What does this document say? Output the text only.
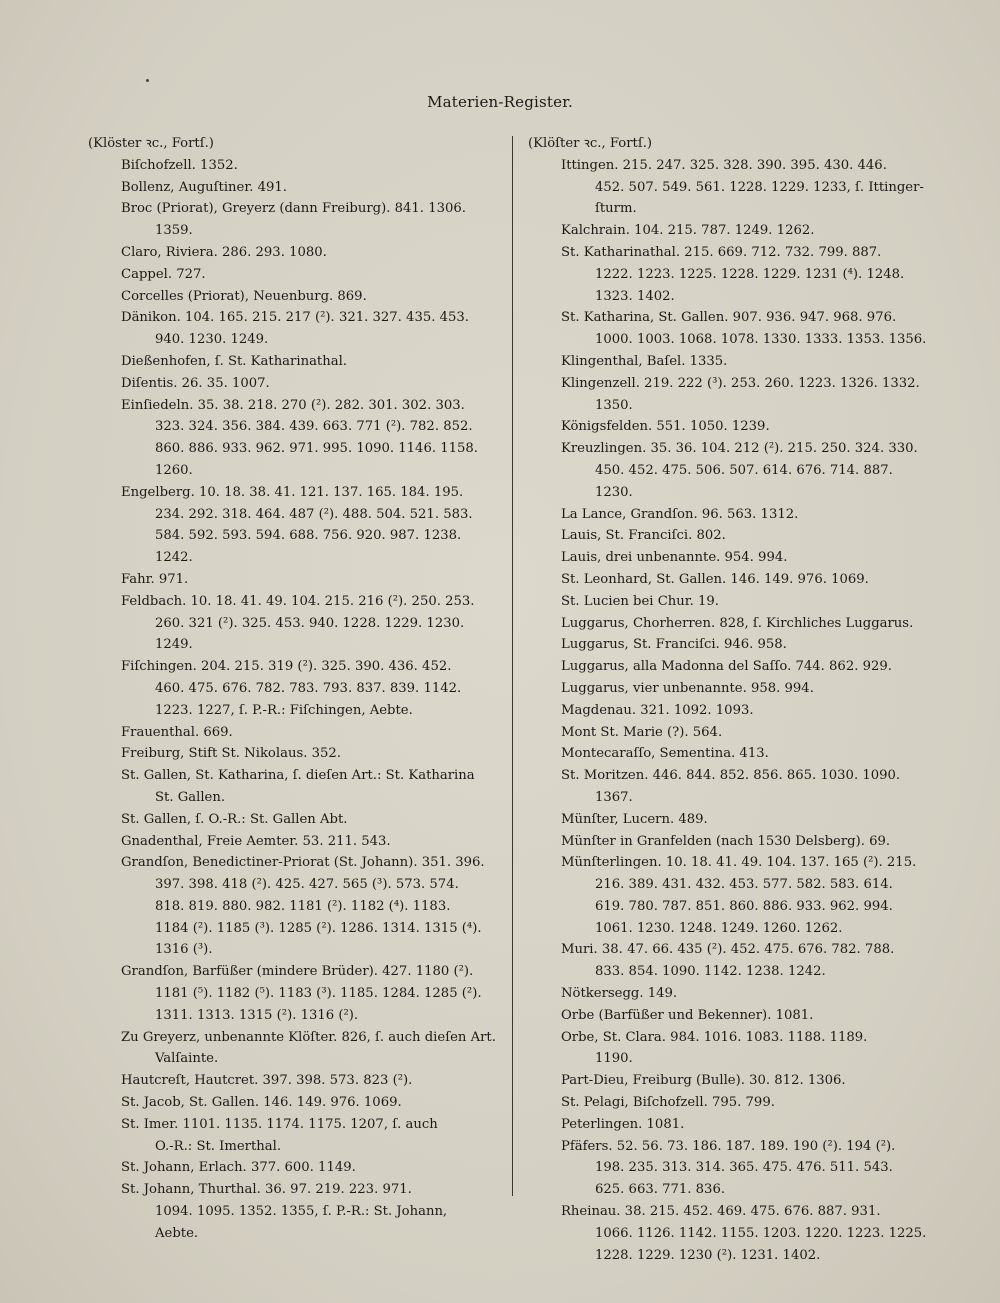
Materien-Register.
(Klöster ꝛc., Fortſ.)
Biſchofzell. 1352.
Bollenz, Auguſtiner. 491.
Broc (Priorat), Greyerz (dann Freiburg). 841. 1306.
1359.
Claro, Riviera. 286. 293. 1080.
Cappel. 727.
Corcelles (Priorat), Neuenburg. 869.
Dänikon. 104. 165. 215. 217 (²). 321. 327. 435. 453.
940. 1230. 1249.
Dießenhofen, ſ. St. Katharinathal.
Diſentis. 26. 35. 1007.
Einſiedeln. 35. 38. 218. 270 (²). 282. 301. 302. 303.
323. 324. 356. 384. 439. 663. 771 (²). 782. 852.
860. 886. 933. 962. 971. 995. 1090. 1146. 1158.
1260.
Engelberg. 10. 18. 38. 41. 121. 137. 165. 184. 195.
234. 292. 318. 464. 487 (²). 488. 504. 521. 583.
584. 592. 593. 594. 688. 756. 920. 987. 1238.
1242.
Fahr. 971.
Feldbach. 10. 18. 41. 49. 104. 215. 216 (²). 250. 253.
260. 321 (²). 325. 453. 940. 1228. 1229. 1230.
1249.
Fiſchingen. 204. 215. 319 (²). 325. 390. 436. 452.
460. 475. 676. 782. 783. 793. 837. 839. 1142.
1223. 1227, ſ. P.-R.: Fiſchingen, Aebte.
Frauenthal. 669.
Freiburg, Stift St. Nikolaus. 352.
St. Gallen, St. Katharina, ſ. dieſen Art.: St. Katharina
St. Gallen.
St. Gallen, ſ. O.-R.: St. Gallen Abt.
Gnadenthal, Freie Aemter. 53. 211. 543.
Grandſon, Benedictiner-Priorat (St. Johann). 351. 396.
397. 398. 418 (²). 425. 427. 565 (³). 573. 574.
818. 819. 880. 982. 1181 (²). 1182 (⁴). 1183.
1184 (²). 1185 (³). 1285 (²). 1286. 1314. 1315 (⁴).
1316 (³).
Grandſon, Barfüßer (mindere Brüder). 427. 1180 (²).
1181 (⁵). 1182 (⁵). 1183 (³). 1185. 1284. 1285 (²).
1311. 1313. 1315 (²). 1316 (²).
Zu Greyerz, unbenannte Klöſter. 826, ſ. auch dieſen Art.
Valſainte.
Hautcreſt, Hautcret. 397. 398. 573. 823 (²).
St. Jacob, St. Gallen. 146. 149. 976. 1069.
St. Imer. 1101. 1135. 1174. 1175. 1207, ſ. auch
O.-R.: St. Imerthal.
St. Johann, Erlach. 377. 600. 1149.
St. Johann, Thurthal. 36. 97. 219. 223. 971.
1094. 1095. 1352. 1355, ſ. P.-R.: St. Johann,
Aebte.
(Klöſter ꝛc., Fortſ.)
Ittingen. 215. 247. 325. 328. 390. 395. 430. 446.
452. 507. 549. 561. 1228. 1229. 1233, ſ. Ittinger-
ſturm.
Kalchrain. 104. 215. 787. 1249. 1262.
St. Katharinathal. 215. 669. 712. 732. 799. 887.
1222. 1223. 1225. 1228. 1229. 1231 (⁴). 1248.
1323. 1402.
St. Katharina, St. Gallen. 907. 936. 947. 968. 976.
1000. 1003. 1068. 1078. 1330. 1333. 1353. 1356.
Klingenthal, Baſel. 1335.
Klingenzell. 219. 222 (³). 253. 260. 1223. 1326. 1332.
1350.
Königsfelden. 551. 1050. 1239.
Kreuzlingen. 35. 36. 104. 212 (²). 215. 250. 324. 330.
450. 452. 475. 506. 507. 614. 676. 714. 887.
1230.
La Lance, Grandſon. 96. 563. 1312.
Lauis, St. Franciſci. 802.
Lauis, drei unbenannte. 954. 994.
St. Leonhard, St. Gallen. 146. 149. 976. 1069.
St. Lucien bei Chur. 19.
Luggarus, Chorherren. 828, ſ. Kirchliches Luggarus.
Luggarus, St. Franciſci. 946. 958.
Luggarus, alla Madonna del Saſſo. 744. 862. 929.
Luggarus, vier unbenannte. 958. 994.
Magdenau. 321. 1092. 1093.
Mont St. Marie (?). 564.
Montecaraſſo, Sementina. 413.
St. Moritzen. 446. 844. 852. 856. 865. 1030. 1090.
1367.
Münſter, Lucern. 489.
Münſter in Granfelden (nach 1530 Delsberg). 69.
Münſterlingen. 10. 18. 41. 49. 104. 137. 165 (²). 215.
216. 389. 431. 432. 453. 577. 582. 583. 614.
619. 780. 787. 851. 860. 886. 933. 962. 994.
1061. 1230. 1248. 1249. 1260. 1262.
Muri. 38. 47. 66. 435 (²). 452. 475. 676. 782. 788.
833. 854. 1090. 1142. 1238. 1242.
Nötkersegg. 149.
Orbe (Barfüßer und Bekenner). 1081.
Orbe, St. Clara. 984. 1016. 1083. 1188. 1189.
1190.
Part-Dieu, Freiburg (Bulle). 30. 812. 1306.
St. Pelagi, Biſchofzell. 795. 799.
Peterlingen. 1081.
Pfäfers. 52. 56. 73. 186. 187. 189. 190 (²). 194 (²).
198. 235. 313. 314. 365. 475. 476. 511. 543.
625. 663. 771. 836.
Rheinau. 38. 215. 452. 469. 475. 676. 887. 931.
1066. 1126. 1142. 1155. 1203. 1220. 1223. 1225.
1228. 1229. 1230 (²). 1231. 1402.
